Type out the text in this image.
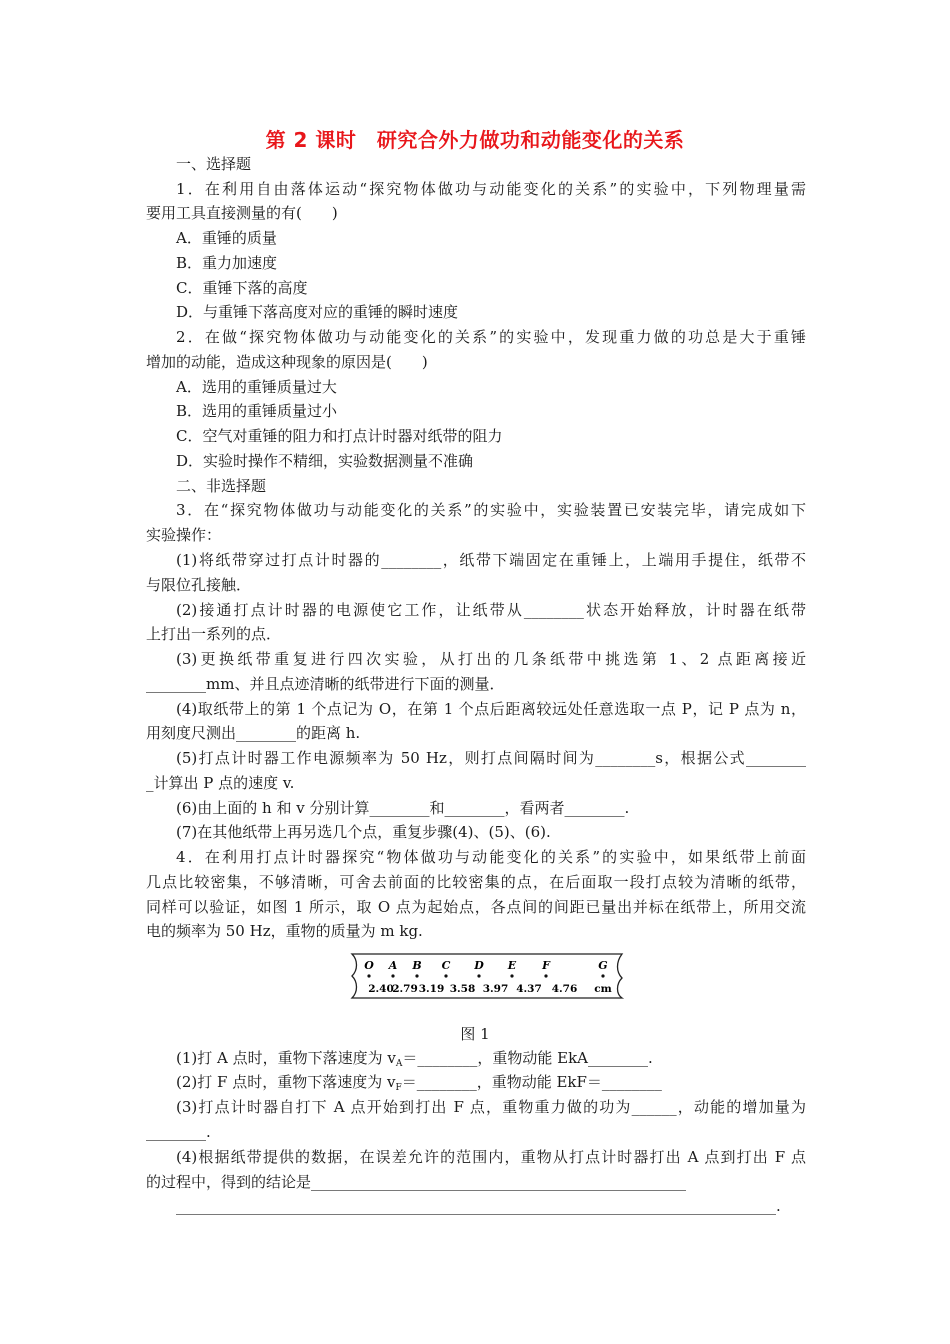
第 2 课时　研究合外力做功和动能变化的关系
一、选择题
1．在利用自由落体运动“探究物体做功与动能变化的关系”的实验中，下列物理量需
要用工具直接测量的有(　　)
A．重锤的质量
B．重力加速度
C．重锤下落的高度
D．与重锤下落高度对应的重锤的瞬时速度
2．在做“探究物体做功与动能变化的关系”的实验中，发现重力做的功总是大于重锤
增加的动能，造成这种现象的原因是(　　)
A．选用的重锤质量过大
B．选用的重锤质量过小
C．空气对重锤的阻力和打点计时器对纸带的阻力
D．实验时操作不精细，实验数据测量不准确
二、非选择题
3．在“探究物体做功与动能变化的关系”的实验中，实验装置已安装完毕，请完成如下
实验操作：
(1)将纸带穿过打点计时器的________，纸带下端固定在重锤上，上端用手提住，纸带不
与限位孔接触．
(2)接通打点计时器的电源使它工作，让纸带从________状态开始释放，计时器在纸带
上打出一系列的点．
(3)更换纸带重复进行四次实验，从打出的几条纸带中挑选第 1、2 点距离接近
________mm、并且点迹清晰的纸带进行下面的测量．
(4)取纸带上的第 1 个点记为 O，在第 1 个点后距离较远处任意选取一点 P，记 P 点为 n，
用刻度尺测出________的距离 h.
(5)打点计时器工作电源频率为 50 Hz，则打点间隔时间为________s，根据公式________
_计算出 P 点的速度 v.
(6)由上面的 h 和 v 分别计算________和________，看两者________.
(7)在其他纸带上再另选几个点，重复步骤(4)、(5)、(6).
4．在利用打点计时器探究“物体做功与动能变化的关系”的实验中，如果纸带上前面
几点比较密集，不够清晰，可舍去前面的比较密集的点，在后面取一段打点较为清晰的纸带，
同样可以验证，如图 1 所示，取 O 点为起始点，各点间的间距已量出并标在纸带上，所用交流
电的频率为 50 Hz，重物的质量为 m kg.
O A B C D E F	G
2.40
2.79 3.19 3.58 3.97 4.37 4.76 cm
图 1
(1)打 A 点时，重物下落速度为 $v_A=\_\_\_\_\_\_\_\_$，重物动能 EkA________.
(2)打 F 点时，重物下落速度为 $v_F=\_\_\_\_\_\_\_\_$，重物动能 EkF＝________
(3)打点计时器自打下 A 点开始到打出 F 点，重物重力做的功为______，动能的增加量为
________.
(4)根据纸带提供的数据，在误差允许的范围内，重物从打点计时器打出 A 点到打出 F 点
的过程中，得到的结论是__________________________________________________
________________________________________________________________________________.
